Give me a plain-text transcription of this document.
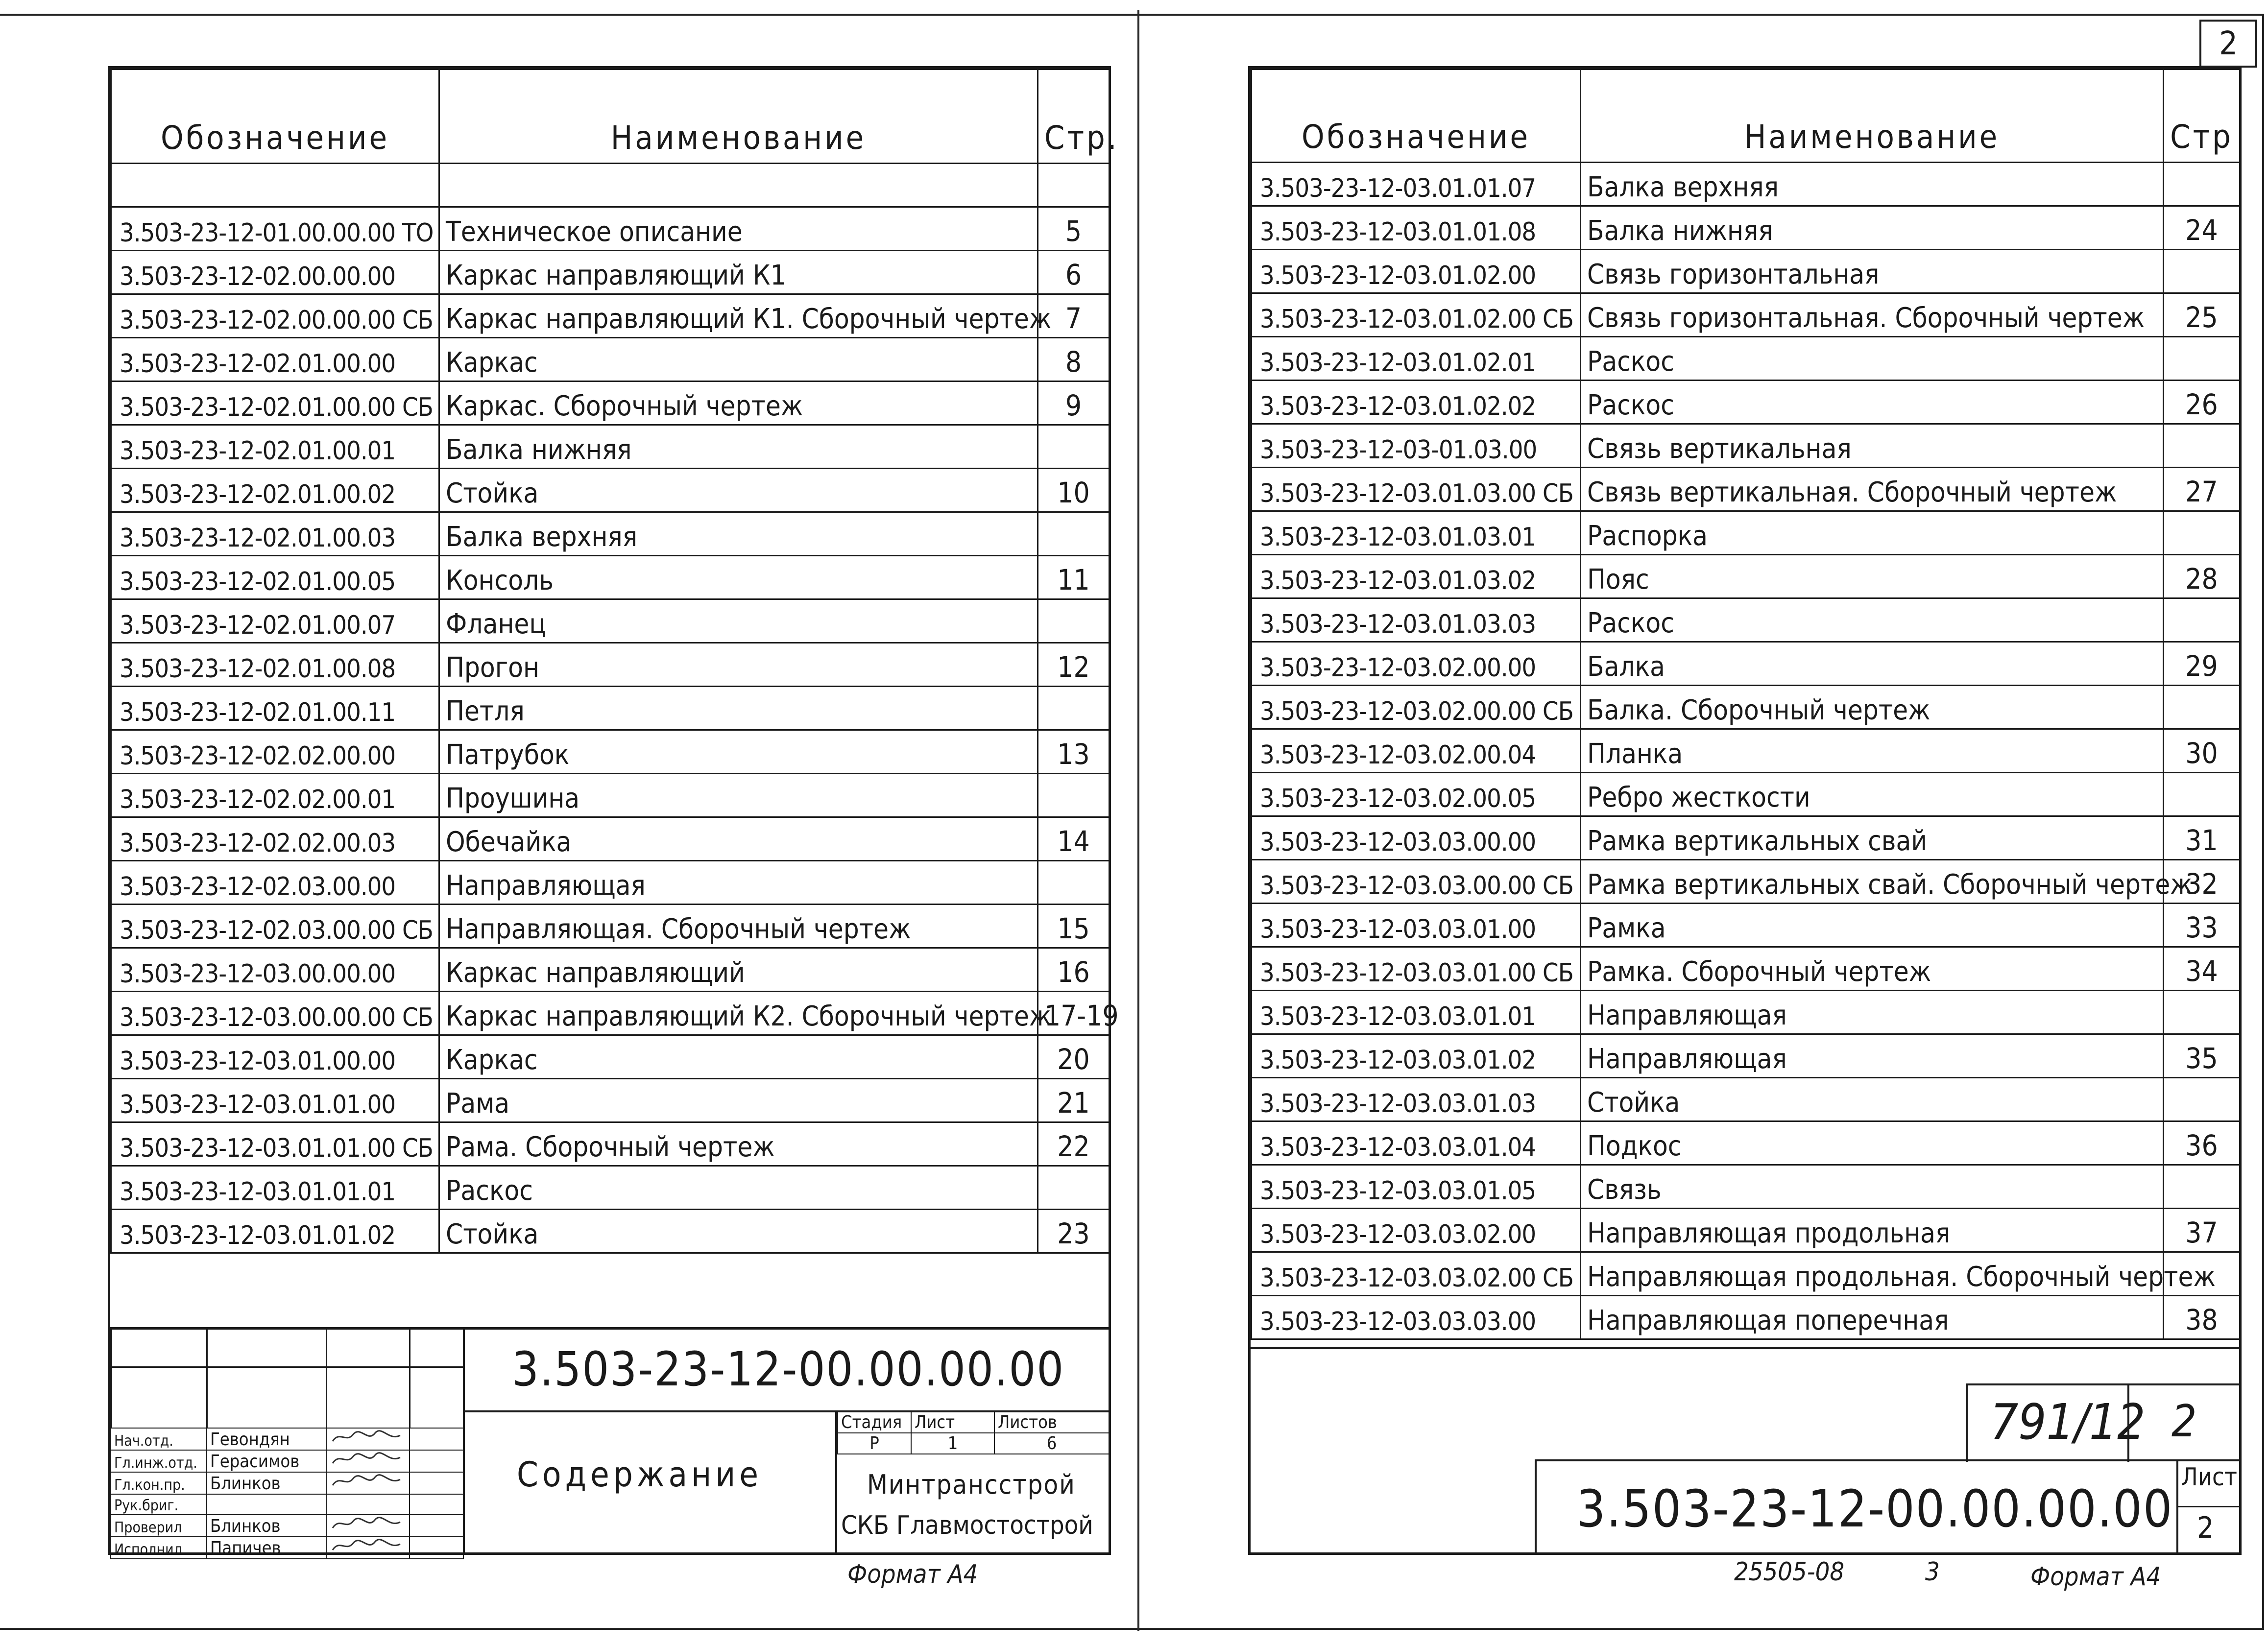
Обозначение	Наименование	Стр.

3.503-23-12-01.00.00.00 ТО	Техническое описание	5
3.503-23-12-02.00.00.00	Каркас направляющий К1	6
3.503-23-12-02.00.00.00 СБ	Каркас направляющий К1. Сборочный чертеж	7
3.503-23-12-02.01.00.00	Каркас	8
3.503-23-12-02.01.00.00 СБ	Каркас. Сборочный чертеж	9
3.503-23-12-02.01.00.01	Балка нижняя	
3.503-23-12-02.01.00.02	Стойка	10
3.503-23-12-02.01.00.03	Балка верхняя	
3.503-23-12-02.01.00.05	Консоль	11
3.503-23-12-02.01.00.07	Фланец	
3.503-23-12-02.01.00.08	Прогон	12
3.503-23-12-02.01.00.11	Петля	
3.503-23-12-02.02.00.00	Патрубок	13
3.503-23-12-02.02.00.01	Проушина	
3.503-23-12-02.02.00.03	Обечайка	14
3.503-23-12-02.03.00.00	Направляющая	
3.503-23-12-02.03.00.00 СБ	Направляющая. Сборочный чертеж	15
3.503-23-12-03.00.00.00	Каркас направляющий	16
3.503-23-12-03.00.00.00 СБ	Каркас направляющий К2. Сборочный чертеж	17-19
3.503-23-12-03.01.00.00	Каркас	20
3.503-23-12-03.01.01.00	Рама	21
3.503-23-12-03.01.01.00 СБ	Рама. Сборочный чертеж	22
3.503-23-12-03.01.01.01	Раскос	
3.503-23-12-03.01.01.02	Стойка	23
3.503-23-12-00.00.00.00
Содержание
Стадия	Лист	Листов
Р	1	6
Минтрансстрой
СКБ Главмостострой
Нач.отд.	Гевондян		
Гл.инж.отд.	Герасимов		
Гл.кон.пр.	Блинков		
Рук.бриг.			
Проверил	Блинков		
Исполнил	Папичев		
Формат А4
2
Обозначение	Наименование	Стр
3.503-23-12-03.01.01.07	Балка верхняя	
3.503-23-12-03.01.01.08	Балка нижняя	24
3.503-23-12-03.01.02.00	Связь горизонтальная	
3.503-23-12-03.01.02.00 СБ	Связь горизонтальная. Сборочный чертеж	25
3.503-23-12-03.01.02.01	Раскос	
3.503-23-12-03.01.02.02	Раскос	26
3.503-23-12-03-01.03.00	Связь вертикальная	
3.503-23-12-03.01.03.00 СБ	Связь вертикальная. Сборочный чертеж	27
3.503-23-12-03.01.03.01	Распорка	
3.503-23-12-03.01.03.02	Пояс	28
3.503-23-12-03.01.03.03	Раскос	
3.503-23-12-03.02.00.00	Балка	29
3.503-23-12-03.02.00.00 СБ	Балка. Сборочный чертеж	
3.503-23-12-03.02.00.04	Планка	30
3.503-23-12-03.02.00.05	Ребро жесткости	
3.503-23-12-03.03.00.00	Рамка вертикальных свай	31
3.503-23-12-03.03.00.00 СБ	Рамка вертикальных свай. Сборочный чертеж	32
3.503-23-12-03.03.01.00	Рамка	33
3.503-23-12-03.03.01.00 СБ	Рамка. Сборочный чертеж	34
3.503-23-12-03.03.01.01	Направляющая	
3.503-23-12-03.03.01.02	Направляющая	35
3.503-23-12-03.03.01.03	Стойка	
3.503-23-12-03.03.01.04	Подкос	36
3.503-23-12-03.03.01.05	Связь	
3.503-23-12-03.03.02.00	Направляющая продольная	37
3.503-23-12-03.03.02.00 СБ	Направляющая продольная. Сборочный чертеж	
3.503-23-12-03.03.03.00	Направляющая поперечная	38
791/12 2
3.503-23-12-00.00.00.00
Лист
2
25505-08	3	Формат А4
